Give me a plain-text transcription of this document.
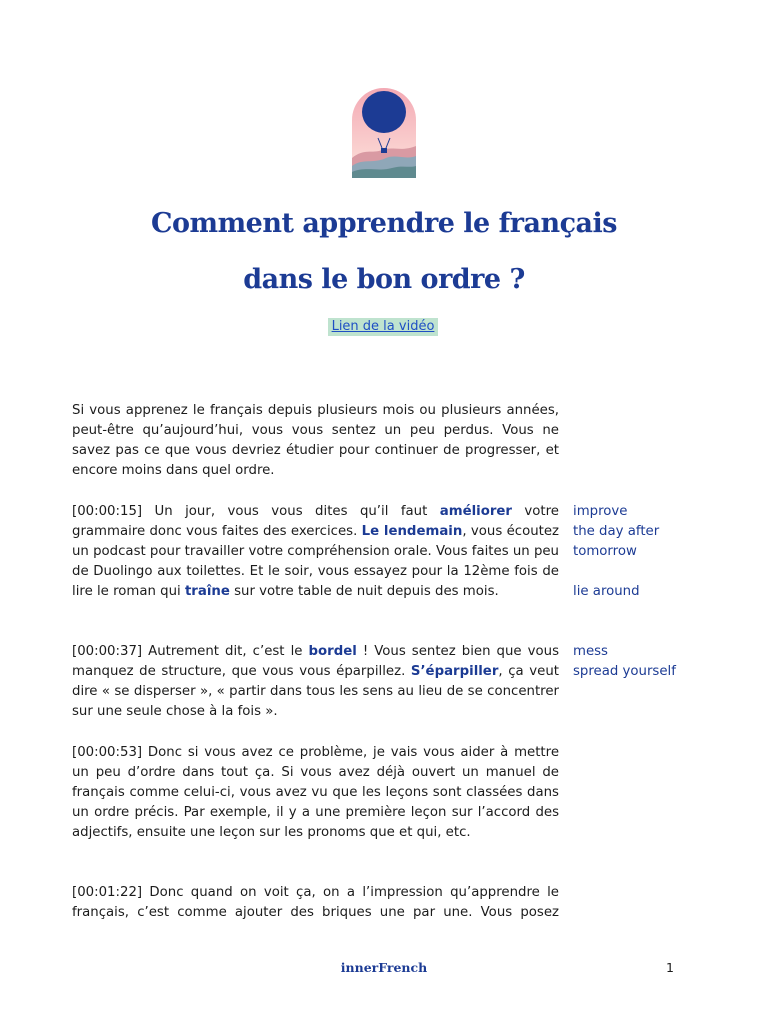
Comment apprendre le français
dans le bon ordre ?
Lien de la vidéo

Si vous apprenez le français depuis plusieurs mois ou plusieurs années, peut-être qu’aujourd’hui, vous vous sentez un peu perdus. Vous ne savez pas ce que vous devriez étudier pour continuer de progresser, et encore moins dans quel ordre.

[00:00:15] Un jour, vous vous dites qu’il faut améliorer votre grammaire donc vous faites des exercices. Le lendemain, vous écoutez un podcast pour travailler votre compréhension orale. Vous faites un peu de Duolingo aux toilettes. Et le soir, vous essayez pour la 12ème fois de lire le roman qui traîne sur votre table de nuit depuis des mois.

improve

the day after

tomorrow

lie around

[00:00:37] Autrement dit, c’est le bordel ! Vous sentez bien que vous manquez de structure, que vous vous éparpillez. S’éparpiller, ça veut dire « se disperser », « partir dans tous les sens au lieu de se concentrer sur une seule chose à la fois ».

mess

spread yourself

[00:00:53] Donc si vous avez ce problème, je vais vous aider à mettre un peu d’ordre dans tout ça. Si vous avez déjà ouvert un manuel de français comme celui-ci, vous avez vu que les leçons sont classées dans un ordre précis. Par exemple, il y a une première leçon sur l’accord des adjectifs, ensuite une leçon sur les pronoms que et qui, etc.

[00:01:22] Donc quand on voit ça, on a l’impression qu’apprendre le français, c’est comme ajouter des briques une par une. Vous posez

innerFrench	1
